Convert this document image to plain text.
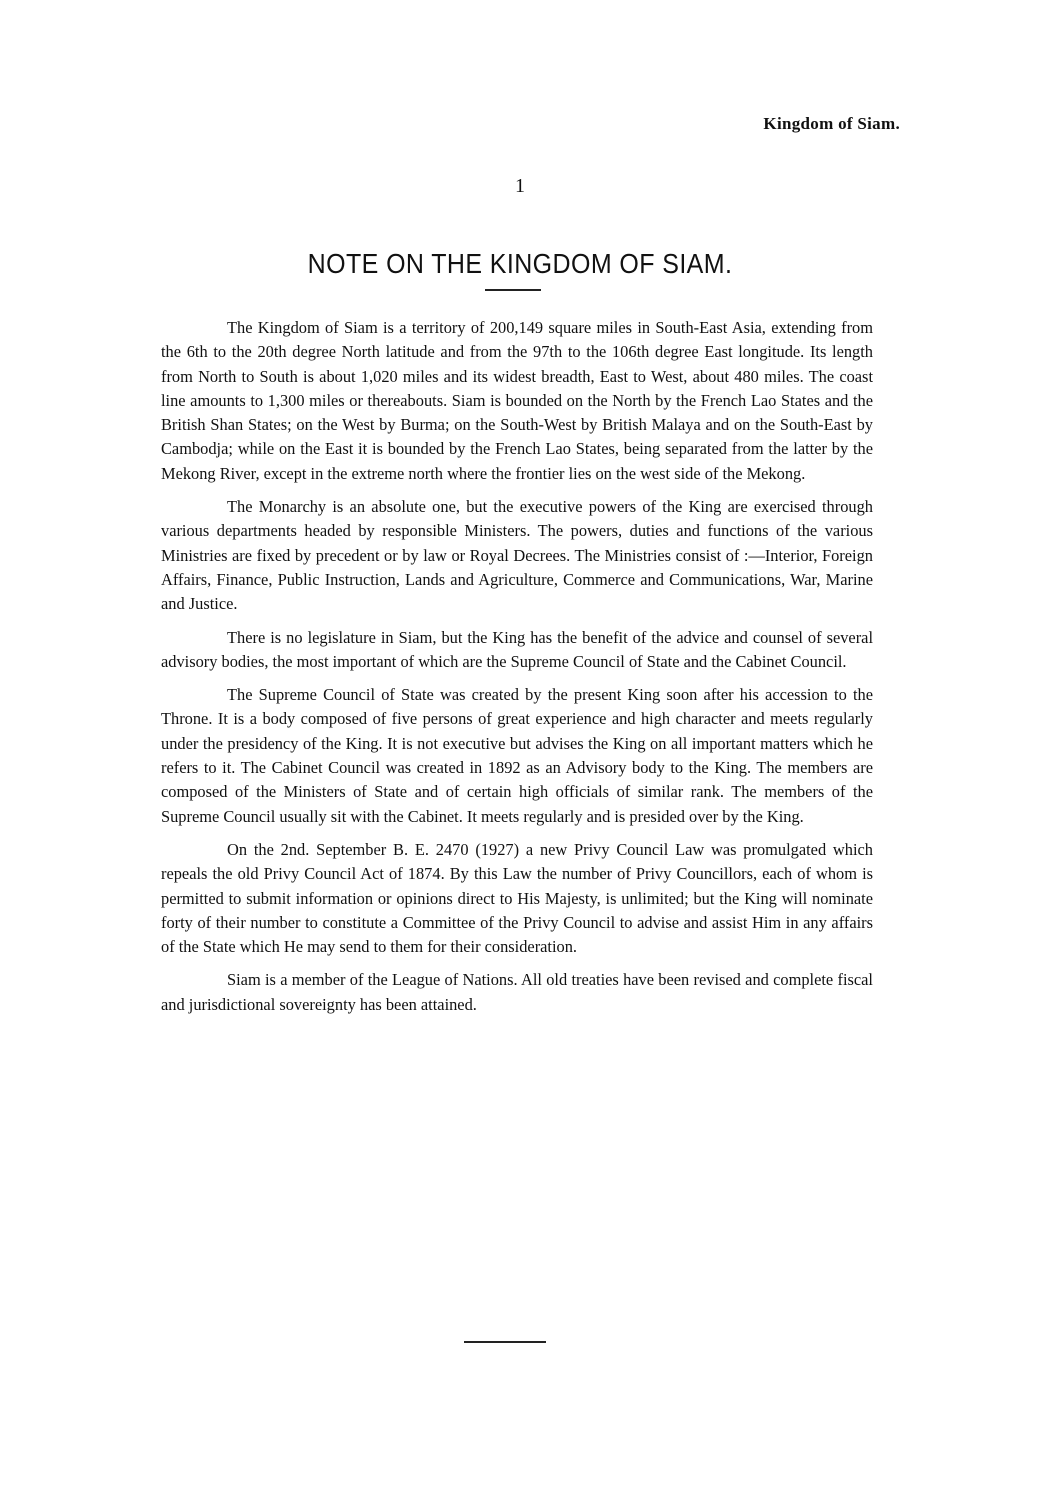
Kingdom of Siam.
1
NOTE ON THE KINGDOM OF SIAM.

The Kingdom of Siam is a territory of 200,149 square miles in South-East Asia, extending from the 6th to the 20th degree North latitude and from the 97th to the 106th degree East longitude. Its length from North to South is about 1,020 miles and its widest breadth, East to West, about 480 miles. The coast line amounts to 1,300 miles or thereabouts. Siam is bounded on the North by the French Lao States and the British Shan States; on the West by Burma; on the South-West by British Malaya and on the South-East by Cambodja; while on the East it is bounded by the French Lao States, being separated from the latter by the Mekong River, except in the extreme north where the frontier lies on the west side of the Mekong.

The Monarchy is an absolute one, but the executive powers of the King are exercised through various departments headed by responsible Ministers. The powers, duties and functions of the various Ministries are fixed by precedent or by law or Royal Decrees. The Ministries consist of :—Interior, Foreign Affairs, Finance, Public Instruction, Lands and Agriculture, Commerce and Communications, War, Marine and Justice.

There is no legislature in Siam, but the King has the benefit of the advice and counsel of several advisory bodies, the most important of which are the Supreme Council of State and the Cabinet Council.

The Supreme Council of State was created by the present King soon after his accession to the Throne. It is a body composed of five persons of great experience and high character and meets regularly under the presidency of the King. It is not executive but advises the King on all important matters which he refers to it. The Cabinet Council was created in 1892 as an Advisory body to the King. The members are composed of the Ministers of State and of certain high officials of similar rank. The members of the Supreme Council usually sit with the Cabinet. It meets regularly and is presided over by the King.

On the 2nd. September B. E. 2470 (1927) a new Privy Council Law was promulgated which repeals the old Privy Council Act of 1874. By this Law the number of Privy Councillors, each of whom is permitted to submit information or opinions direct to His Majesty, is unlimited; but the King will nominate forty of their number to constitute a Committee of the Privy Council to advise and assist Him in any affairs of the State which He may send to them for their consideration.

Siam is a member of the League of Nations. All old treaties have been revised and complete fiscal and jurisdictional sovereignty has been attained.
